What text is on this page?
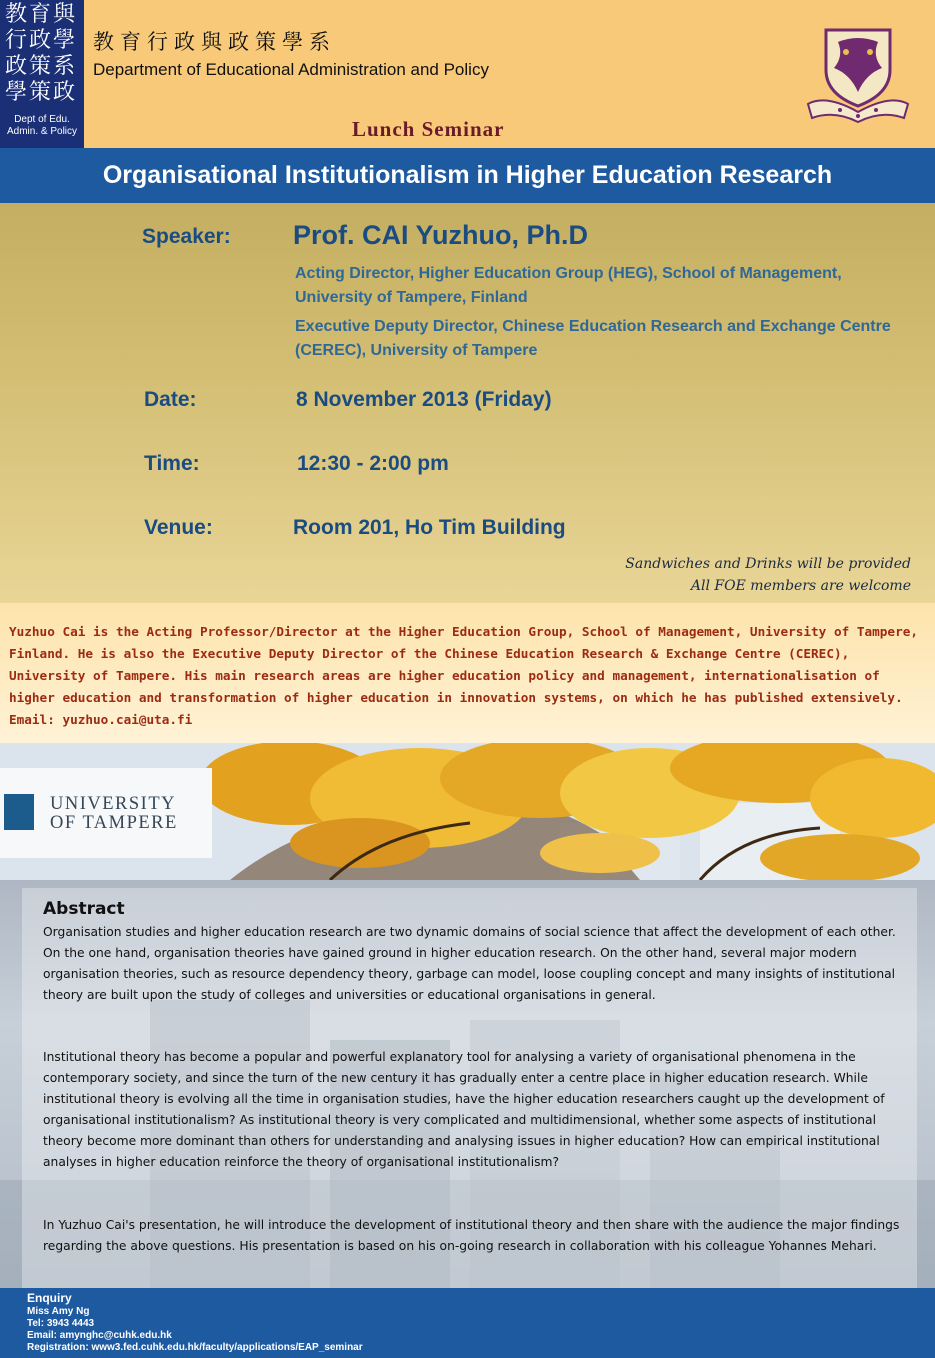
教 育 與
行 政 學
政 策 系
學 策 政
Dept of Edu.
Admin. & Policy
教育行政與政策學系
Department of Educational Administration and Policy
Lunch Seminar
Organisational Institutionalism in Higher Education Research
Speaker: Prof. CAI Yuzhuo, Ph.D
Acting Director, Higher Education Group (HEG), School of Management, University of Tampere, Finland
Executive Deputy Director, Chinese Education Research and Exchange Centre (CEREC), University of Tampere
Date:	8 November 2013 (Friday)
Time:	12:30 - 2:00 pm
Venue:	Room 201, Ho Tim Building
Sandwiches and Drinks will be provided
All FOE members are welcome

Yuzhuo Cai is the Acting Professor/Director at the Higher Education Group, School of Management, University of Tampere, Finland. He is also the Executive Deputy Director of the Chinese Education Research & Exchange Centre (CEREC), University of Tampere. His main research areas are higher education policy and management, internationalisation of higher education and transformation of higher education in innovation systems, on which he has published extensively.
Email: yuzhuo.cai@uta.fi

UNIVERSITY
OF TAMPERE
Abstract

Organisation studies and higher education research are two dynamic domains of social science that affect the development of each other. On the one hand, organisation theories have gained ground in higher education research. On the other hand, several major modern organisation theories, such as resource dependency theory, garbage can model, loose coupling concept and many insights of institutional theory are built upon the study of colleges and universities or educational organisations in general.

Institutional theory has become a popular and powerful explanatory tool for analysing a variety of organisational phenomena in the contemporary society, and since the turn of the new century it has gradually enter a centre place in higher education research. While institutional theory is evolving all the time in organisation studies, have the higher education researchers caught up the development of organisational institutionalism? As institutional theory is very complicated and multidimensional, whether some aspects of institutional theory become more dominant than others for understanding and analysing issues in higher education? How can empirical institutional analyses in higher education reinforce the theory of organisational institutionalism?

In Yuzhuo Cai's presentation, he will introduce the development of institutional theory and then share with the audience the major findings regarding the above questions. His presentation is based on his on-going research in collaboration with his colleague Yohannes Mehari.

Enquiry
Miss Amy Ng
Tel: 3943 4443
Email: amynghc@cuhk.edu.hk
Registration: www3.fed.cuhk.edu.hk/faculty/applications/EAP_seminar
